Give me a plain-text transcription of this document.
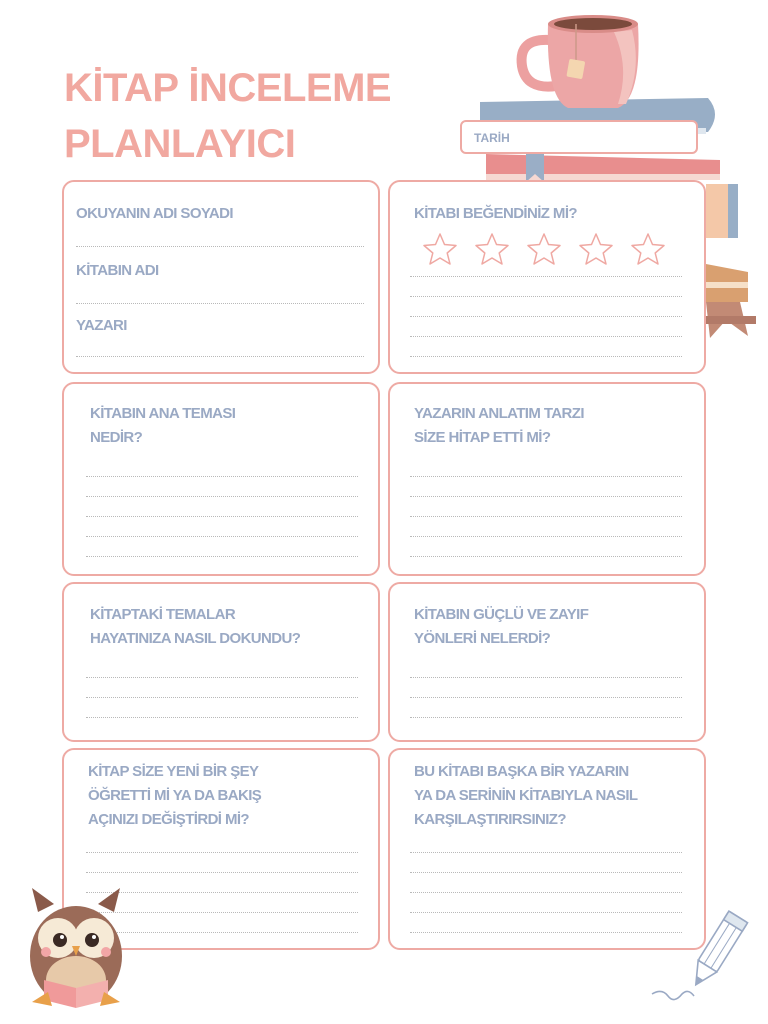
KİTAP İNCELEME
PLANLAYICI	TARİH
OKUYANIN ADI SOYADI
KİTABIN ADI
YAZARI
KİTABI BEĞENDİNİZ Mİ?
KİTABIN ANA TEMASI
NEDİR?
YAZARIN ANLATIM TARZI
SİZE HİTAP ETTİ Mİ?
KİTAPTAKİ TEMALAR
HAYATINIZA NASIL DOKUNDU?
KİTABIN GÜÇLÜ VE ZAYIF
YÖNLERİ NELERDİ?
KİTAP SİZE YENİ BİR ŞEY
ÖĞRETTİ Mİ YA DA BAKIŞ
AÇINIZI DEĞİŞTİRDİ Mİ?
BU KİTABI BAŞKA BİR YAZARIN
YA DA SERİNİN KİTABIYLA NASIL
KARŞILAŞTIRIRSINIZ?
